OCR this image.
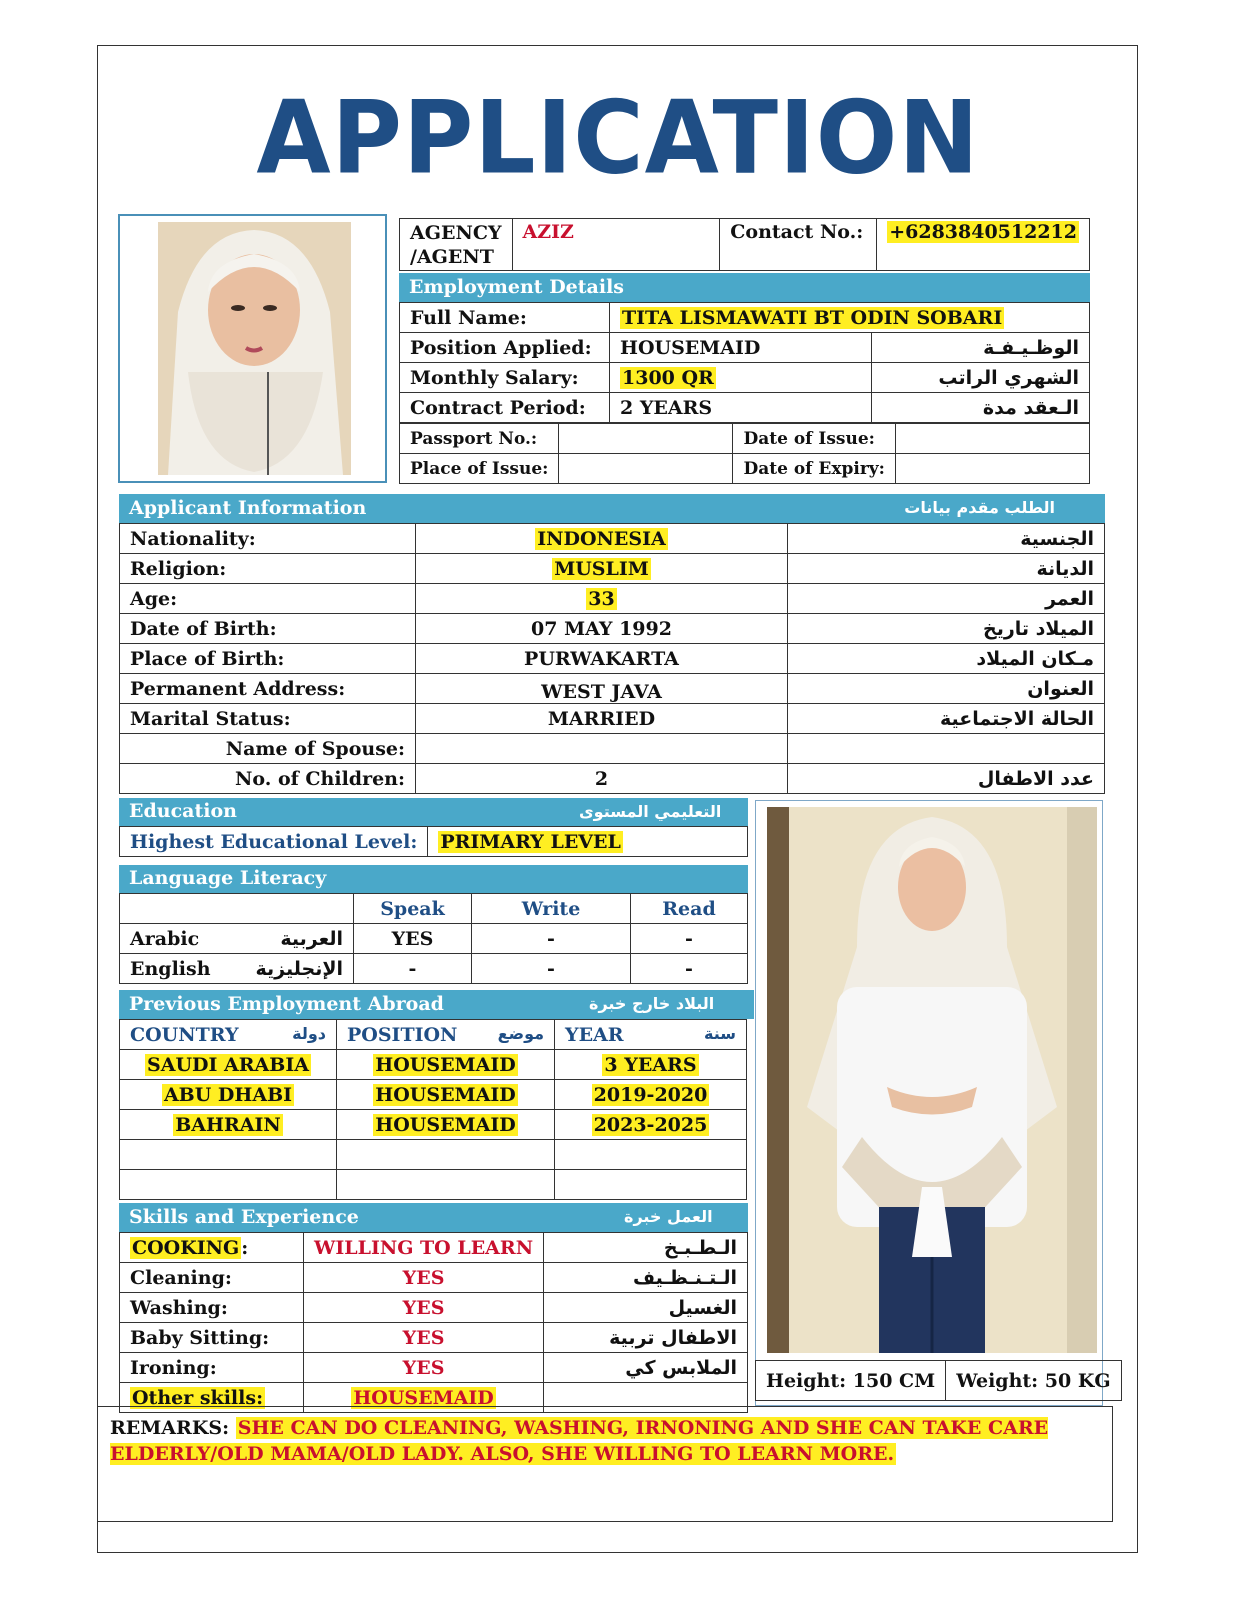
APPLICATION
AGENCY
/AGENT
	AZIZ	Contact No.:	+6283840512212
Employment Details
Full Name:	TITA LISMAWATI BT ODIN SOBARI	
Position Applied:	HOUSEMAID	الوظـيـفـة
Monthly Salary:	1300 QR	الشهري الراتب
Contract Period:	2 YEARS	الـعقد مدة
Passport No.:		Date of Issue:	
Place of Issue:		Date of Expiry:	
Applicant Information	الطلب مقدم بيانات
Nationality:	INDONESIA	الجنسية
Religion:	MUSLIM	الديانة
Age:	33	العمر
Date of Birth:	07 MAY 1992	الميلاد تاريخ
Place of Birth:	PURWAKARTA	مـكان الميلاد
Permanent Address:	WEST JAVA	العنوان
Marital Status:	MARRIED	الحالة الاجتماعية
Name of Spouse:		
No. of Children:	2	عدد الاطفال
Education	التعليمي المستوى
Highest Educational Level:	PRIMARY LEVEL
Language Literacy
	Speak	Write	Read
Arabic العربية	YES	-	-
English الإنجليزية	-	-	-
Previous Employment Abroad	البلاد خارج خبرة
COUNTRY دولة	POSITION موضع	YEAR سنة

SAUDI ARABIA	HOUSEMAID	3 YEARS
ABU DHABI	HOUSEMAID	2019-2020
BAHRAIN	HOUSEMAID	2023-2025

Skills and Experience	العمل خبرة
COOKING :	WILLING TO LEARN	الـطـبـخ
Cleaning:	YES	الـتـنـظـيف
Washing:	YES	الغسيل
Baby Sitting:	YES	الاطفال تربية
Ironing:	YES	الملابس كي
Other skills:	HOUSEMAID	
Height: 150 CM	Weight: 50 KG
REMARKS: SHE CAN DO CLEANING, WASHING, IRNONING AND SHE CAN TAKE CARE ELDERLY/OLD MAMA/OLD LADY. ALSO, SHE WILLING TO LEARN MORE.
